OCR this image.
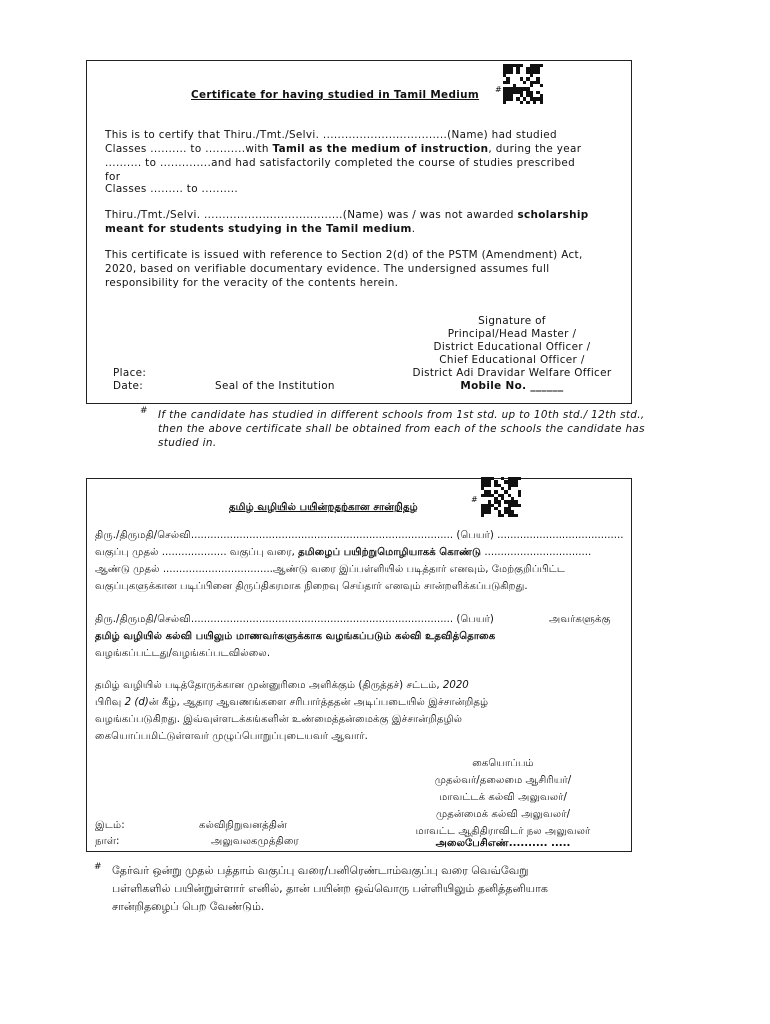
Certificate for having studied in Tamil Medium #
This is to certify that Thiru./Tmt./Selvi. ..................................(Name) had studied
Classes .......... to ...........with Tamil as the medium of instruction, during the year
.......... to ..............and had satisfactorily completed the course of studies prescribed
for
Classes ......... to ..........
Thiru./Tmt./Selvi. ......................................(Name) was / was not awarded scholarship
meant for students studying in the Tamil medium.
This certificate is issued with reference to Section 2(d) of the PSTM (Amendment) Act,
2020, based on verifiable documentary evidence. The undersigned assumes full
responsibility for the veracity of the contents herein.
Signature of
Principal/Head Master /
District Educational Officer /
Chief Educational Officer /
District Adi Dravidar Welfare Officer
Mobile No. ______
Place:
Date:	Seal of the Institution
# If the candidate has studied in different schools from 1st std. up to 10th std./ 12th std.,
then the above certificate shall be obtained from each of the schools the candidate has
studied in.
தமிழ் வழியில் பயின்றதற்கான சான்றிதழ்
#
திரு./திருமதி/செல்வி................................................................................. (பெயர்) .......................................
வகுப்பு முதல் .................... வகுப்பு வரை, தமிழைப் பயிற்றுமொழியாகக் கொண்டு .................................
ஆண்டு முதல் ..................................ஆண்டு வரை இப்பள்ளியில் படித்தார் எனவும், மேற்குறிப்பிட்ட
வகுப்புகளுக்கான படிப்பினை திருப்திகரமாக நிறைவு செய்தார் எனவும் சான்றளிக்கப்படுகிறது.
திரு./திருமதி/செல்வி................................................................................. (பெயர்)	அவர்களுக்கு
தமிழ் வழியில் கல்வி பயிலும் மாணவர்களுக்காக வழங்கப்படும் கல்வி உதவித்தொகை
வழங்கப்பட்டது/வழங்கப்படவில்லை.
தமிழ் வழியில் படித்தோருக்கான முன்னுரிமை அளிக்கும் (திருத்தச்) சட்டம், 2020
பிரிவு 2 (d)ன் கீழ், ஆதார ஆவணங்களை சரிபார்த்ததன் அடிப்படையில் இச்சான்றிதழ்
வழங்கப்படுகிறது. இவ்வுள்ளடக்கங்களின் உண்மைத்தன்மைக்கு இச்சான்றிதழில்
கையொப்பமிட்டுள்ளவர் முழுப்பொறுப்புடையவர் ஆவார்.
கையொப்பம்
முதல்வர்/தலைமை ஆசிரியர்/
மாவட்டக் கல்வி அலுவலர்/
முதன்மைக் கல்வி அலுவலர்/
மாவட்ட ஆதிதிராவிடர் நல அலுவலர்
அலைபேசிஎண்.......... .....
இடம்:
நாள்:
கல்விநிறுவனத்தின்
அலுவலகமுத்திரை
# தேர்வர் ஒன்று முதல் பத்தாம் வகுப்பு வரை/பனிரெண்டாம்வகுப்பு வரை வெவ்வேறு
பள்ளிகளில் பயின்றுள்ளார் எனில், தான் பயின்ற ஒவ்வொரு பள்ளியிலும் தனித்தனியாக
சான்றிதழைப் பெற வேண்டும்.
